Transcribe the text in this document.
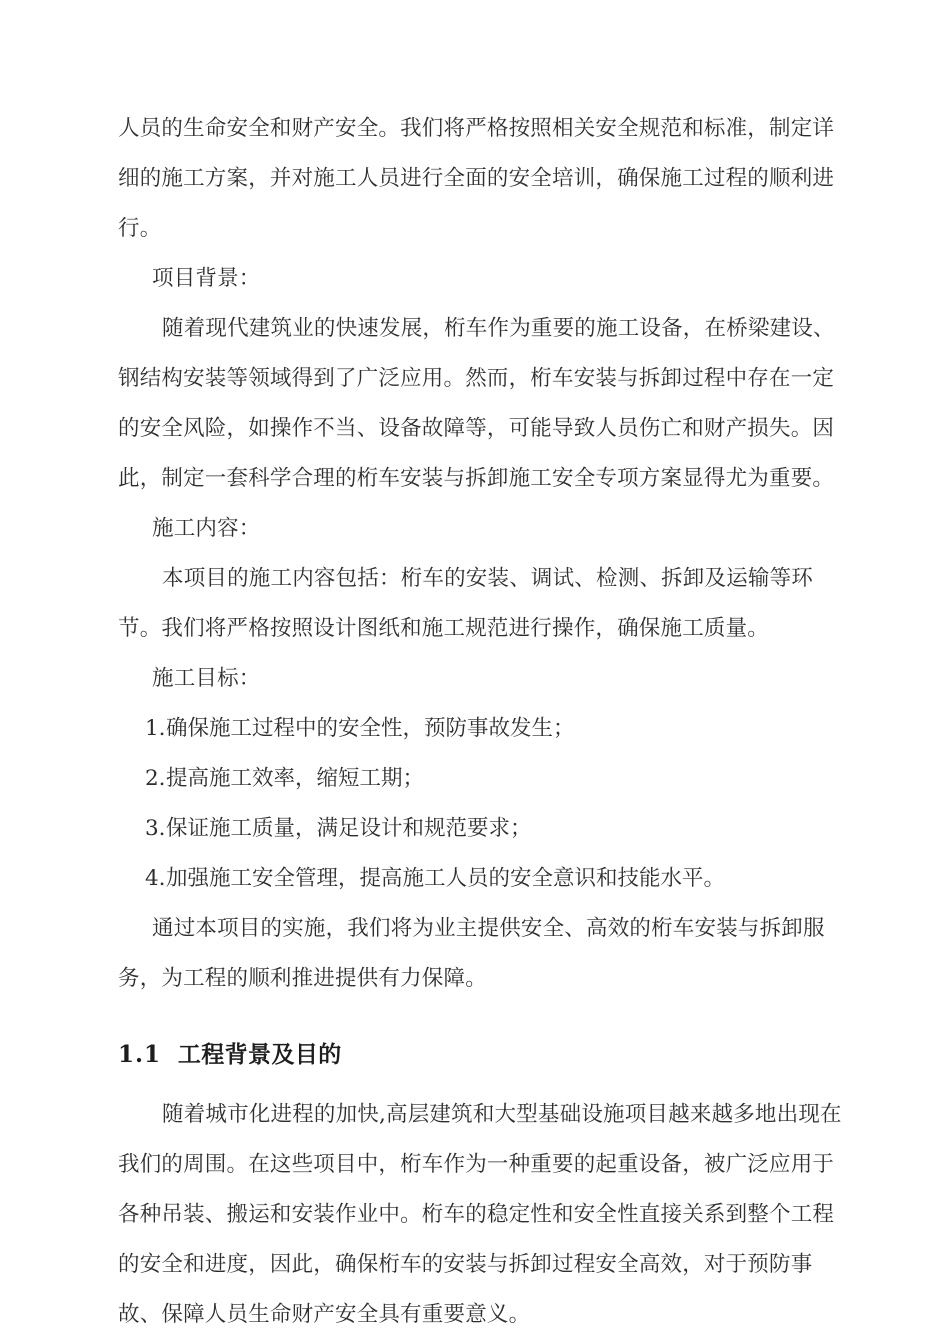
人员的生命安全和财产安全。我们将严格按照相关安全规范和标准，制定详细的施工方案，并对施工人员进行全面的安全培训，确保施工过程的顺利进行。

项目背景：

随着现代建筑业的快速发展，桁车作为重要的施工设备，在桥梁建设、钢结构安装等领域得到了广泛应用。然而，桁车安装与拆卸过程中存在一定的安全风险，如操作不当、设备故障等，可能导致人员伤亡和财产损失。因此，制定一套科学合理的桁车安装与拆卸施工安全专项方案显得尤为重要。

施工内容：

本项目的施工内容包括：桁车的安装、调试、检测、拆卸及运输等环节。我们将严格按照设计图纸和施工规范进行操作，确保施工质量。

施工目标：

1. 确保施工过程中的安全性，预防事故发生；
2. 提高施工效率，缩短工期；
3. 保证施工质量，满足设计和规范要求；
4. 加强施工安全管理，提高施工人员的安全意识和技能水平。

通过本项目的实施，我们将为业主提供安全、高效的桁车安装与拆卸服务，为工程的顺利推进提供有力保障。

1.1 工程背景及目的

随着城市化进程的加快,高层建筑和大型基础设施项目越来越多地出现在我们的周围。在这些项目中，桁车作为一种重要的起重设备，被广泛应用于各种吊装、搬运和安装作业中。桁车的稳定性和安全性直接关系到整个工程的安全和进度，因此，确保桁车的安装与拆卸过程安全高效，对于预防事故、保障人员生命财产安全具有重要意义。
